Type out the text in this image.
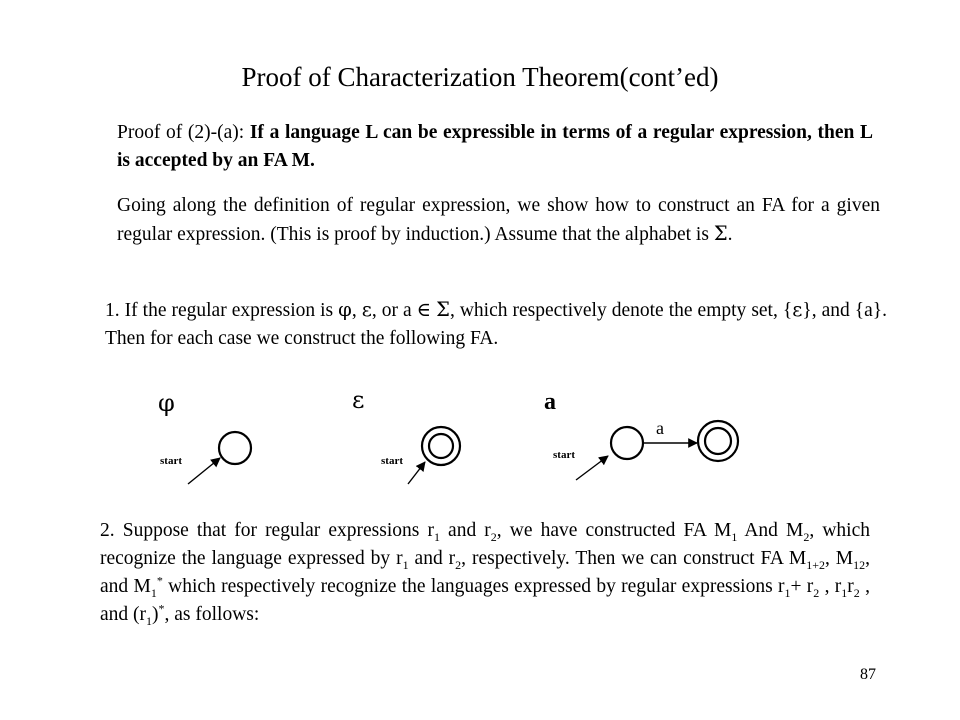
Proof of Characterization Theorem(cont’ed)
Proof of (2)-(a): If a language L can be expressible in terms of a regular expression, then L is accepted by an FA M.
Going along the definition of regular expression, we show how to construct an FA for a given regular expression. (This is proof by induction.) Assume that the alphabet is Σ.
1. If the regular expression is φ, ε, or a ∈ Σ, which respectively denote the empty set, {ε}, and {a}. Then for each case we construct the following FA.
φ	ε	a
a
start	start	start
2. Suppose that for regular expressions $r_1$ and $r_2$, we have constructed FA $M_1$ And $M_2$, which recognize the language expressed by $r_1$ and $r_2$, respectively. Then we can construct FA $M_{1+2}$, $M_{12}$, and $M_1^*$ which respectively recognize the languages expressed by regular expressions $r_1+ r_2$ , $r_1r_2$ , and $(r_1)^*$, as follows:
87
